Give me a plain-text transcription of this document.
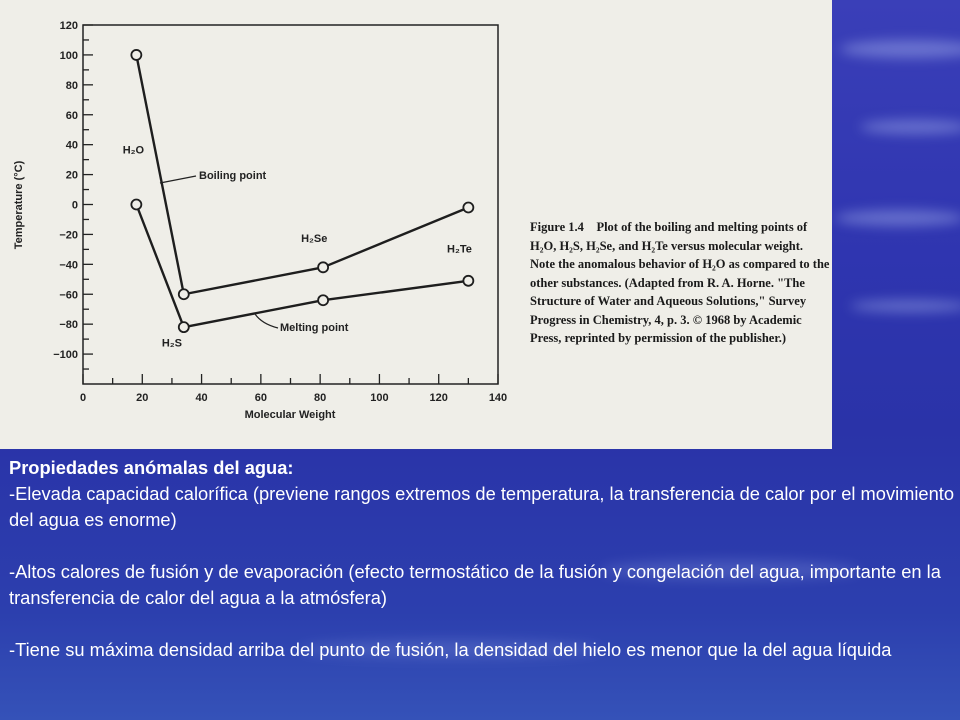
0	20	40	60	80	100	120	140
120
100
80
60
40
20
0
−20
−40
−60
−80
−100
H₂O
H₂S
H₂Se
H₂Te
Molecular Weight
Temperature (°C)	Boiling point
Melting point
Figure 1.4 Plot of the boiling and melting points of H₂O, H₂S, H₂Se, and H₂Te versus molecular weight. Note the anomalous behavior of H₂O as compared to the other substances. (Adapted from R. A. Horne. "The Structure of Water and Aqueous Solutions," Survey Progress in Chemistry, 4, p. 3. © 1968 by Academic Press, reprinted by permission of the publisher.)

Propiedades anómalas del agua:

-Elevada capacidad calorífica (previene rangos extremos de temperatura, la transferencia de calor por el movimiento del agua es enorme)

-Altos calores de fusión y de evaporación (efecto termostático de la fusión y congelación del agua, importante en la transferencia de calor del agua a la atmósfera)

-Tiene su máxima densidad arriba del punto de fusión, la densidad del hielo es menor que la del agua líquida
